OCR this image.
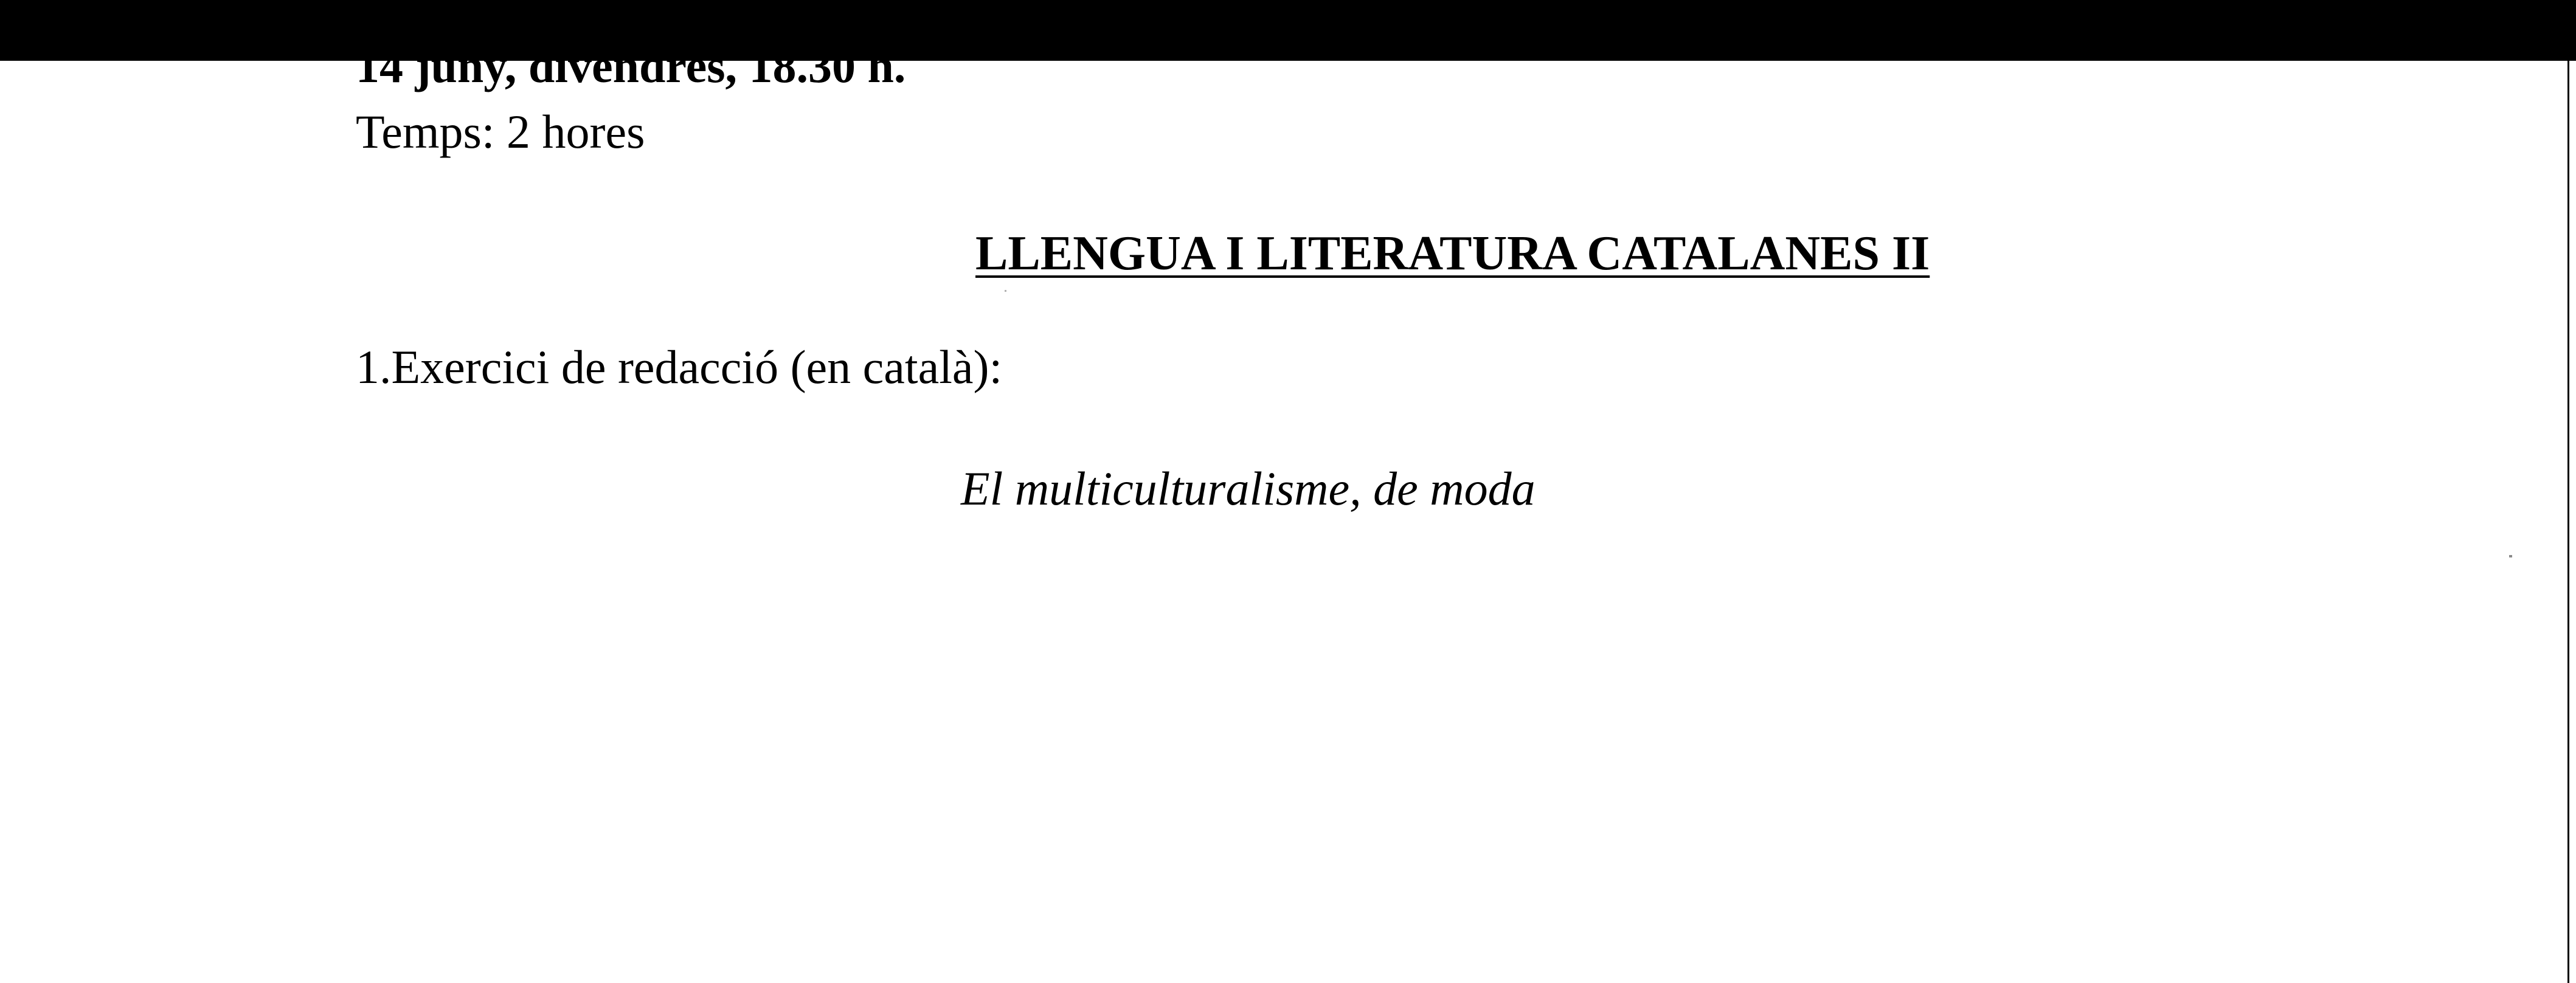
14 juny, divendres, 18.30 h.

Temps: 2 hores

LLENGUA I LITERATURA CATALANES II

1.Exercici de redacció (en català):

El multiculturalisme, de moda
